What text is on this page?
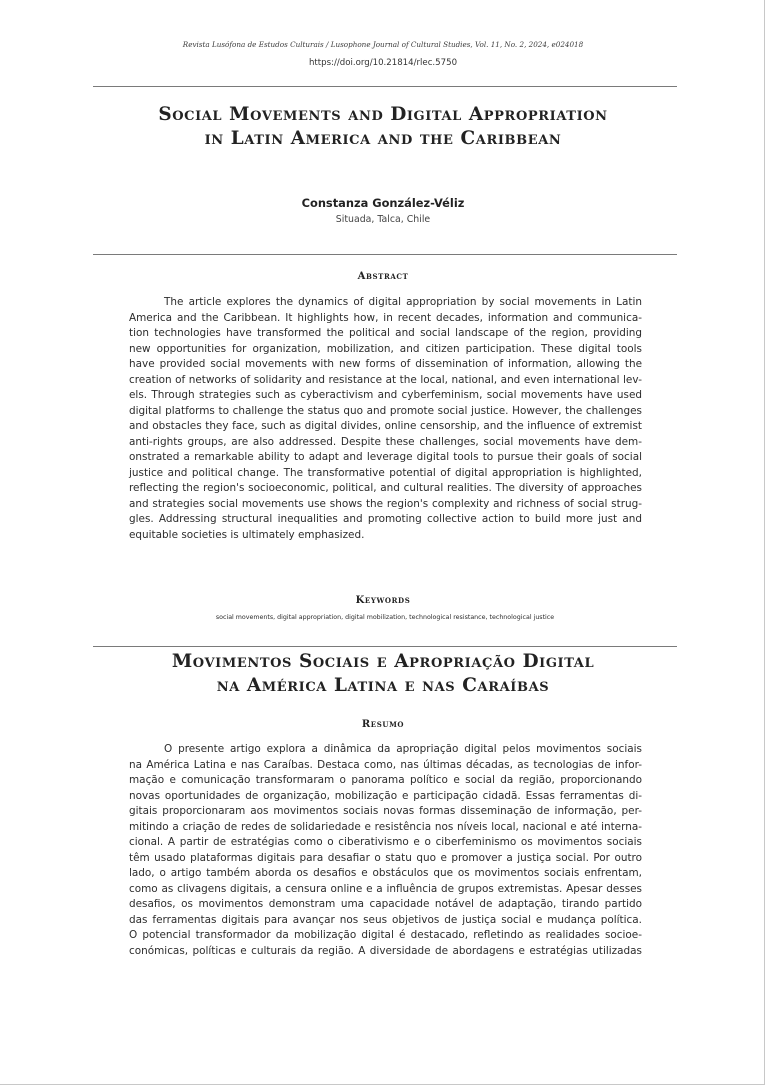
Revista Lusófona de Estudos Culturais / Lusophone Journal of Cultural Studies, Vol. 11, No. 2, 2024, e024018
https://doi.org/10.21814/rlec.5750
Social Movements and Digital Appropriation
in Latin America and the Caribbean
Constanza González-Véliz
Situada, Talca, Chile
Abstract
The article explores the dynamics of digital appropriation by social movements in Latin
America and the Caribbean. It highlights how, in recent decades, information and communica-
tion technologies have transformed the political and social landscape of the region, providing
new opportunities for organization, mobilization, and citizen participation. These digital tools
have provided social movements with new forms of dissemination of information, allowing the
creation of networks of solidarity and resistance at the local, national, and even international lev-
els. Through strategies such as cyberactivism and cyberfeminism, social movements have used
digital platforms to challenge the status quo and promote social justice. However, the challenges
and obstacles they face, such as digital divides, online censorship, and the influence of extremist
anti-rights groups, are also addressed. Despite these challenges, social movements have dem-
onstrated a remarkable ability to adapt and leverage digital tools to pursue their goals of social
justice and political change. The transformative potential of digital appropriation is highlighted,
reflecting the region's socioeconomic, political, and cultural realities. The diversity of approaches
and strategies social movements use shows the region's complexity and richness of social strug-
gles. Addressing structural inequalities and promoting collective action to build more just and
equitable societies is ultimately emphasized.
Keywords
social movements, digital appropriation, digital mobilization, technological resistance, technological justice
Movimentos Sociais e Apropriação Digital
na América Latina e nas Caraíbas
Resumo
O presente artigo explora a dinâmica da apropriação digital pelos movimentos sociais
na América Latina e nas Caraíbas. Destaca como, nas últimas décadas, as tecnologias de infor-
mação e comunicação transformaram o panorama político e social da região, proporcionando
novas oportunidades de organização, mobilização e participação cidadã. Essas ferramentas di-
gitais proporcionaram aos movimentos sociais novas formas disseminação de informação, per-
mitindo a criação de redes de solidariedade e resistência nos níveis local, nacional e até interna-
cional. A partir de estratégias como o ciberativismo e o ciberfeminismo os movimentos sociais
têm usado plataformas digitais para desafiar o statu quo e promover a justiça social. Por outro
lado, o artigo também aborda os desafios e obstáculos que os movimentos sociais enfrentam,
como as clivagens digitais, a censura online e a influência de grupos extremistas. Apesar desses
desafios, os movimentos demonstram uma capacidade notável de adaptação, tirando partido
das ferramentas digitais para avançar nos seus objetivos de justiça social e mudança política.
O potencial transformador da mobilização digital é destacado, refletindo as realidades socioe-
conómicas, políticas e culturais da região. A diversidade de abordagens e estratégias utilizadas
